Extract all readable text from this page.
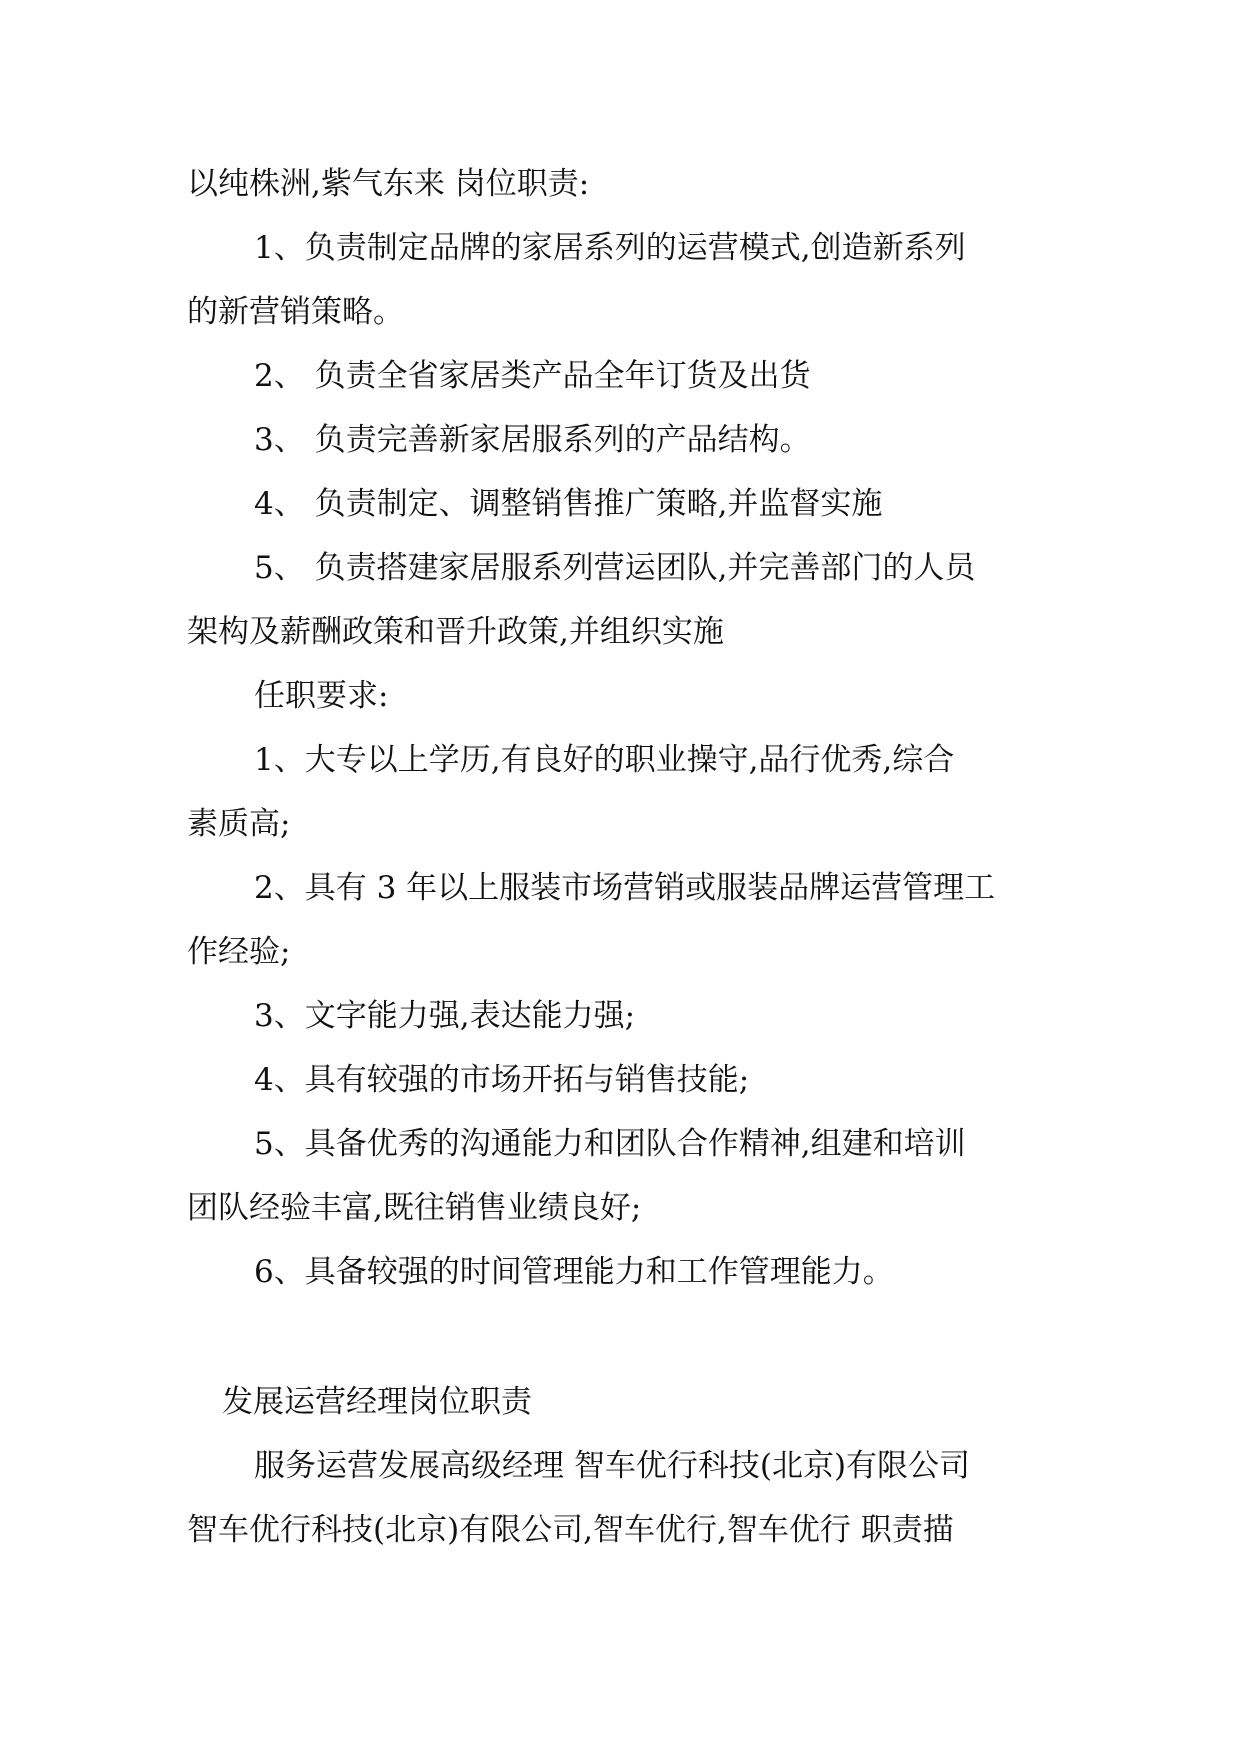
以纯株洲,紫气东来 岗位职责:
1、负责制定品牌的家居系列的运营模式,创造新系列
的新营销策略。
2、 负责全省家居类产品全年订货及出货
3、 负责完善新家居服系列的产品结构。
4、 负责制定、调整销售推广策略,并监督实施
5、 负责搭建家居服系列营运团队,并完善部门的人员
架构及薪酬政策和晋升政策,并组织实施
任职要求:
1、大专以上学历,有良好的职业操守,品行优秀,综合
素质高;
2、具有 3 年以上服装市场营销或服装品牌运营管理工
作经验;
3、文字能力强,表达能力强;
4、具有较强的市场开拓与销售技能;
5、具备优秀的沟通能力和团队合作精神,组建和培训
团队经验丰富,既往销售业绩良好;
6、具备较强的时间管理能力和工作管理能力。
发展运营经理岗位职责
服务运营发展高级经理 智车优行科技(北京)有限公司
智车优行科技(北京)有限公司,智车优行,智车优行 职责描
